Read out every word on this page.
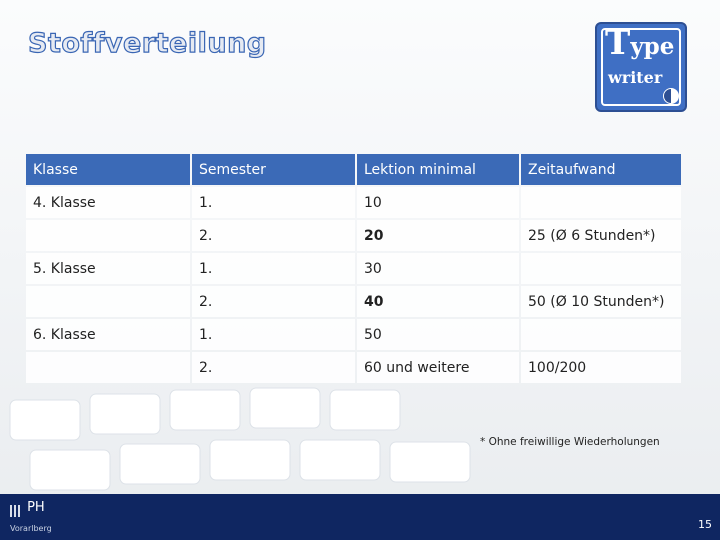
Stoffverteilung	Type
writer
Klasse	Semester	Lektion minimal	Zeitaufwand
4. Klasse	1.	10	
	2.	20	25 (Ø 6 Stunden*)
5. Klasse	1.	30	
	2.	40	50 (Ø 10 Stunden*)
6. Klasse	1.	50	
	2.	60 und weitere	100/200

* Ohne freiwillige Wiederholungen

PH
Vorarlberg	15
